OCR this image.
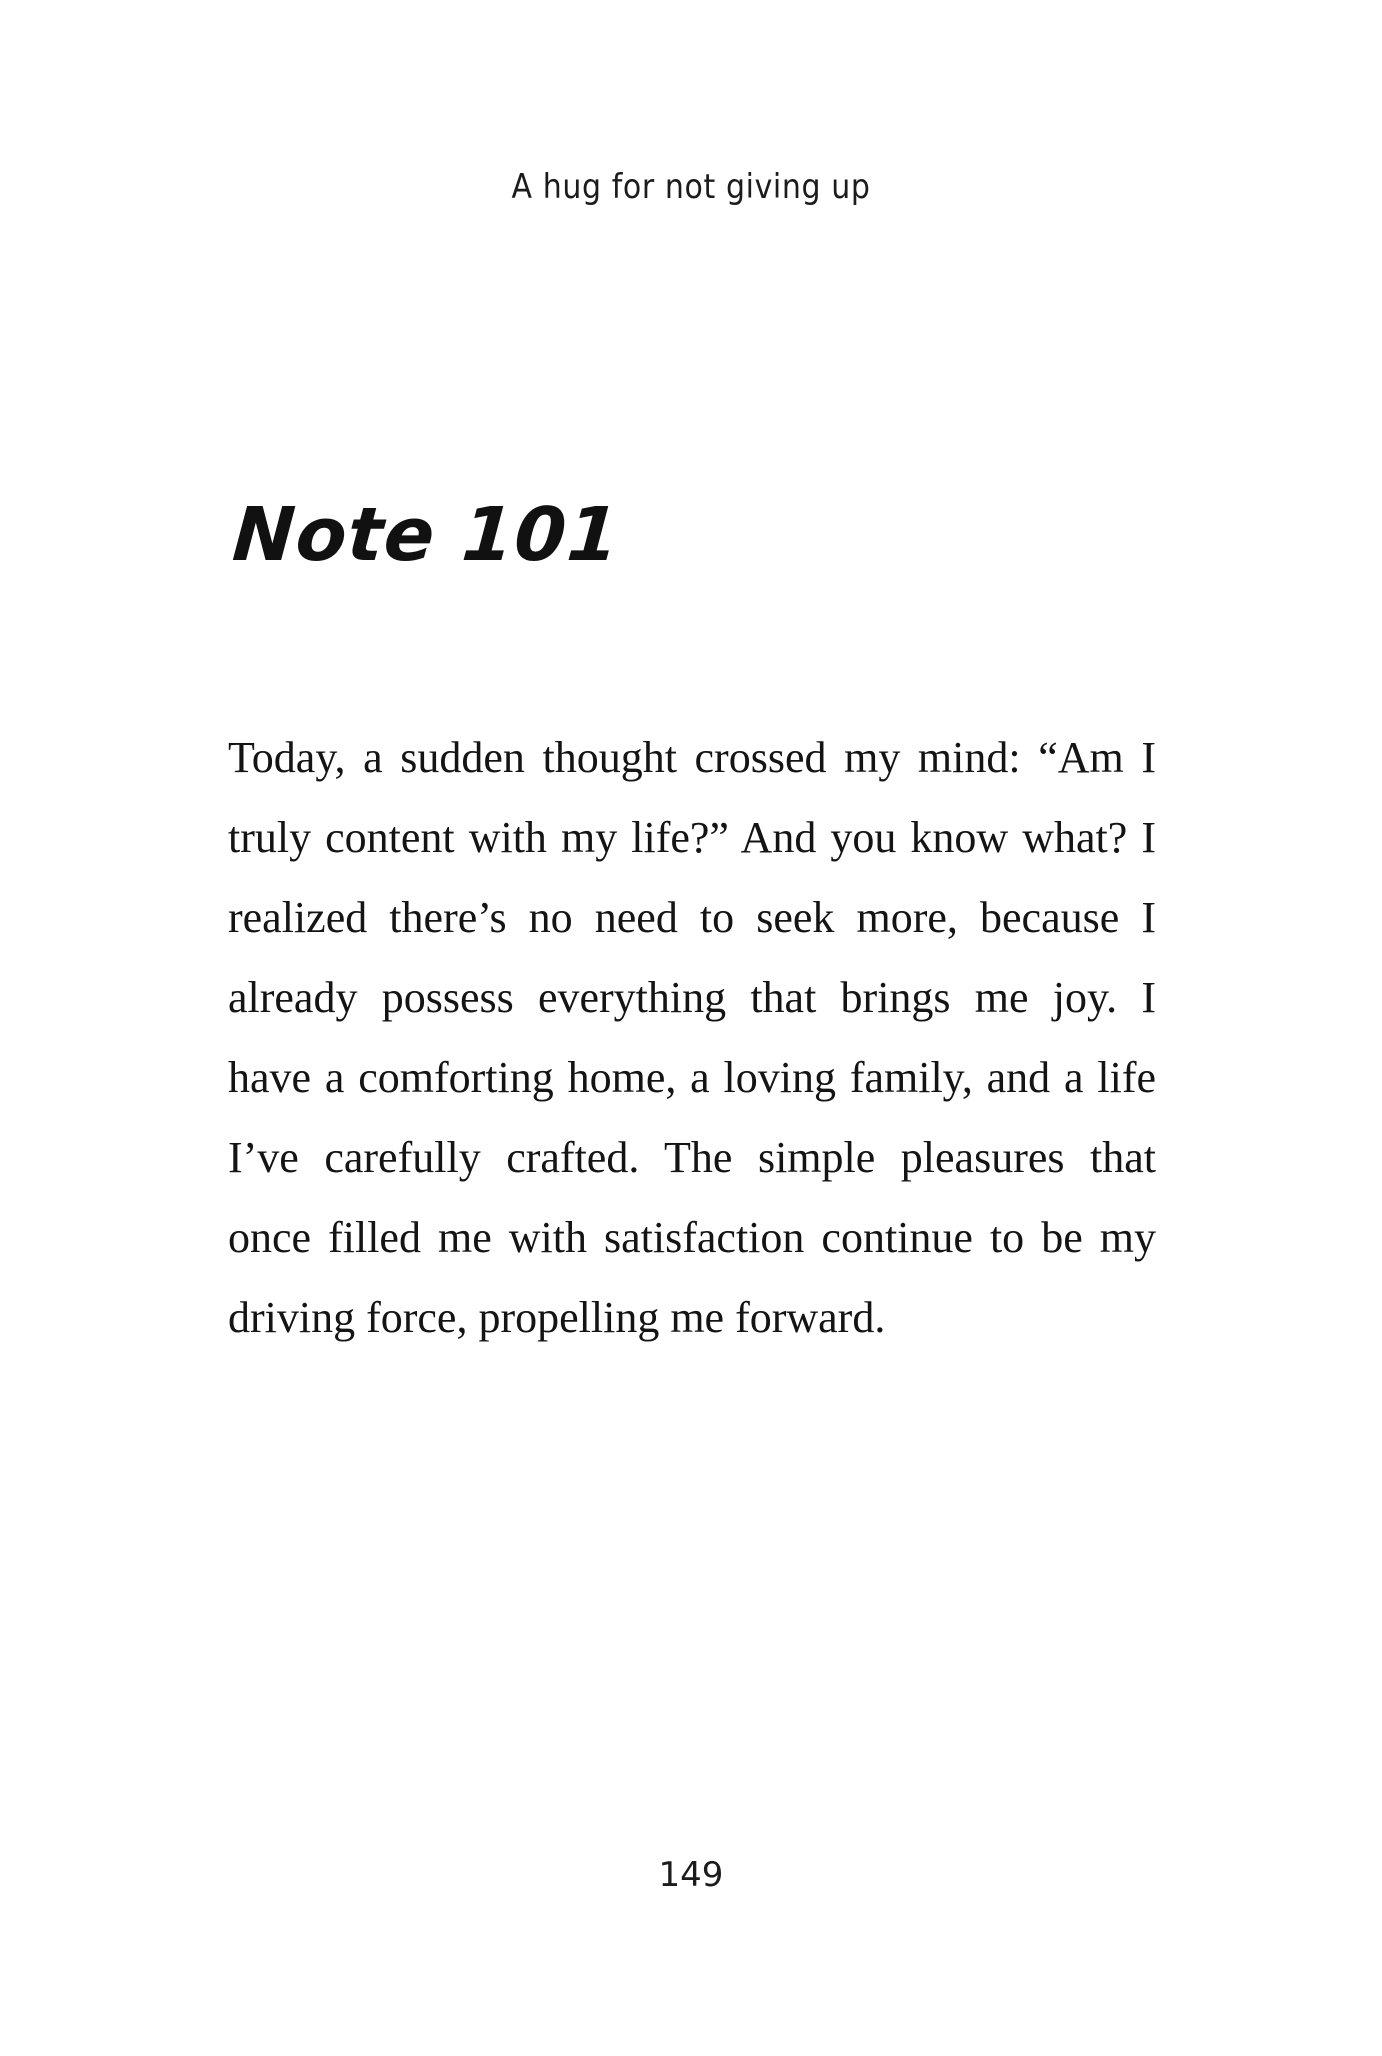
A hug for not giving up
Note 101

Today, a sudden thought crossed my mind: “Am I truly content with my life?” And you know what? I realized there’s no need to seek more, because I already possess everything that brings me joy. I have a comforting home, a loving family, and a life I’ve carefully crafted. The simple pleasures that once filled me with satisfaction continue to be my driving force, propelling me forward.

149
